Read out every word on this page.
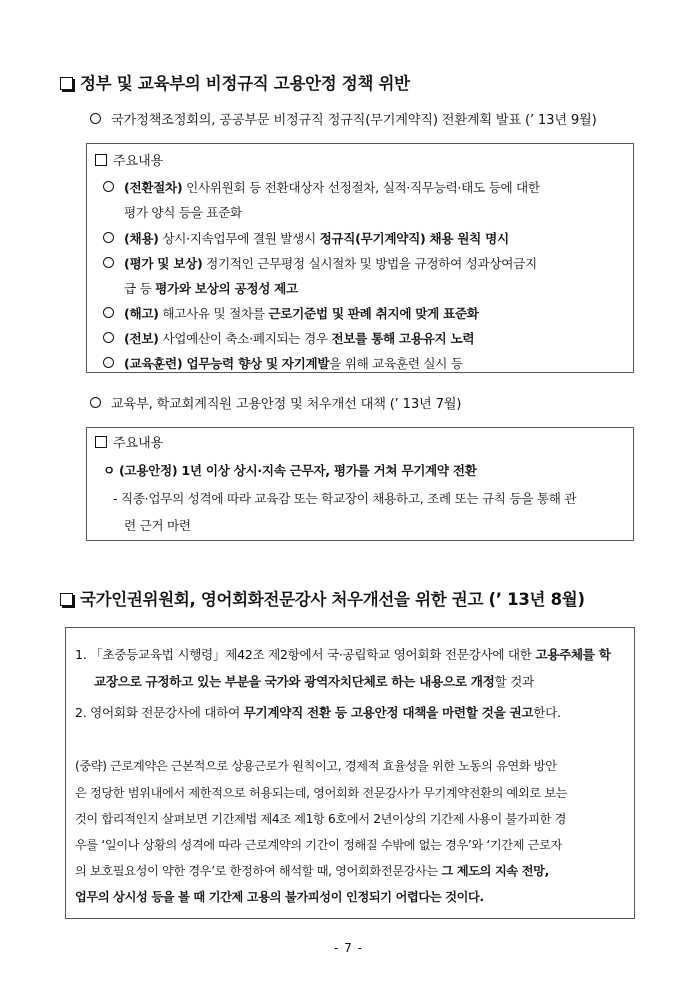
정부 및 교육부의 비정규직 고용안정 정책 위반
국가정책조정회의, 공공부문 비정규직 정규직(무기계약직) 전환계획 발표 (’ 13년 9월)
주요내용
(전환절차) 인사위원회 등 전환대상자 선정절차, 실적·직무능력·태도 등에 대한
평가 양식 등을 표준화
(채용) 상시·지속업무에 결원 발생시 정규직(무기계약직) 채용 원칙 명시
(평가 및 보상) 정기적인 근무평정 실시절차 및 방법을 규정하여 성과상여금지
급 등 평가와 보상의 공정성 제고
(해고) 해고사유 및 절차를 근로기준법 및 판례 취지에 맞게 표준화
(전보) 사업예산이 축소·폐지되는 경우 전보를 통해 고용유지 노력
(교육훈련) 업무능력 향상 및 자기계발을 위해 교육훈련 실시 등
교육부, 학교회계직원 고용안정 및 처우개선 대책 (’ 13년 7월)
주요내용
ㅇ (고용안정) 1년 이상 상시·지속 근무자, 평가를 거쳐 무기계약 전환
- 직종·업무의 성격에 따라 교육감 또는 학교장이 채용하고, 조례 또는 규칙 등을 통해 관
련 근거 마련
국가인권위원회, 영어회화전문강사 처우개선을 위한 권고 (’ 13년 8월)
1. 「초중등교육법 시행령」제42조 제2항에서 국·공립학교 영어회화 전문강사에 대한 고용주체를 학
교장으로 규정하고 있는 부분을 국가와 광역자치단체로 하는 내용으로 개정할 것과
2. 영어회화 전문강사에 대하여 무기계약직 전환 등 고용안정 대책을 마련할 것을 권고한다.
(중략) 근로계약은 근본적으로 상용근로가 원칙이고, 경제적 효율성을 위한 노동의 유연화 방안
은 정당한 범위내에서 제한적으로 허용되는데, 영어회화 전문강사가 무기계약전환의 예외로 보는
것이 합리적인지 살펴보면 기간제법 제4조 제1항 6호에서 2년이상의 기간제 사용이 불가피한 경
우를 ‘일이나 상황의 성격에 따라 근로계약의 기간이 정해질 수밖에 없는 경우’와 ‘기간제 근로자
의 보호필요성이 약한 경우’로 한정하여 해석할 때, 영어회화전문강사는 그 제도의 지속 전망,
업무의 상시성 등을 볼 때 기간제 고용의 불가피성이 인정되기 어렵다는 것이다.
- 7 -
